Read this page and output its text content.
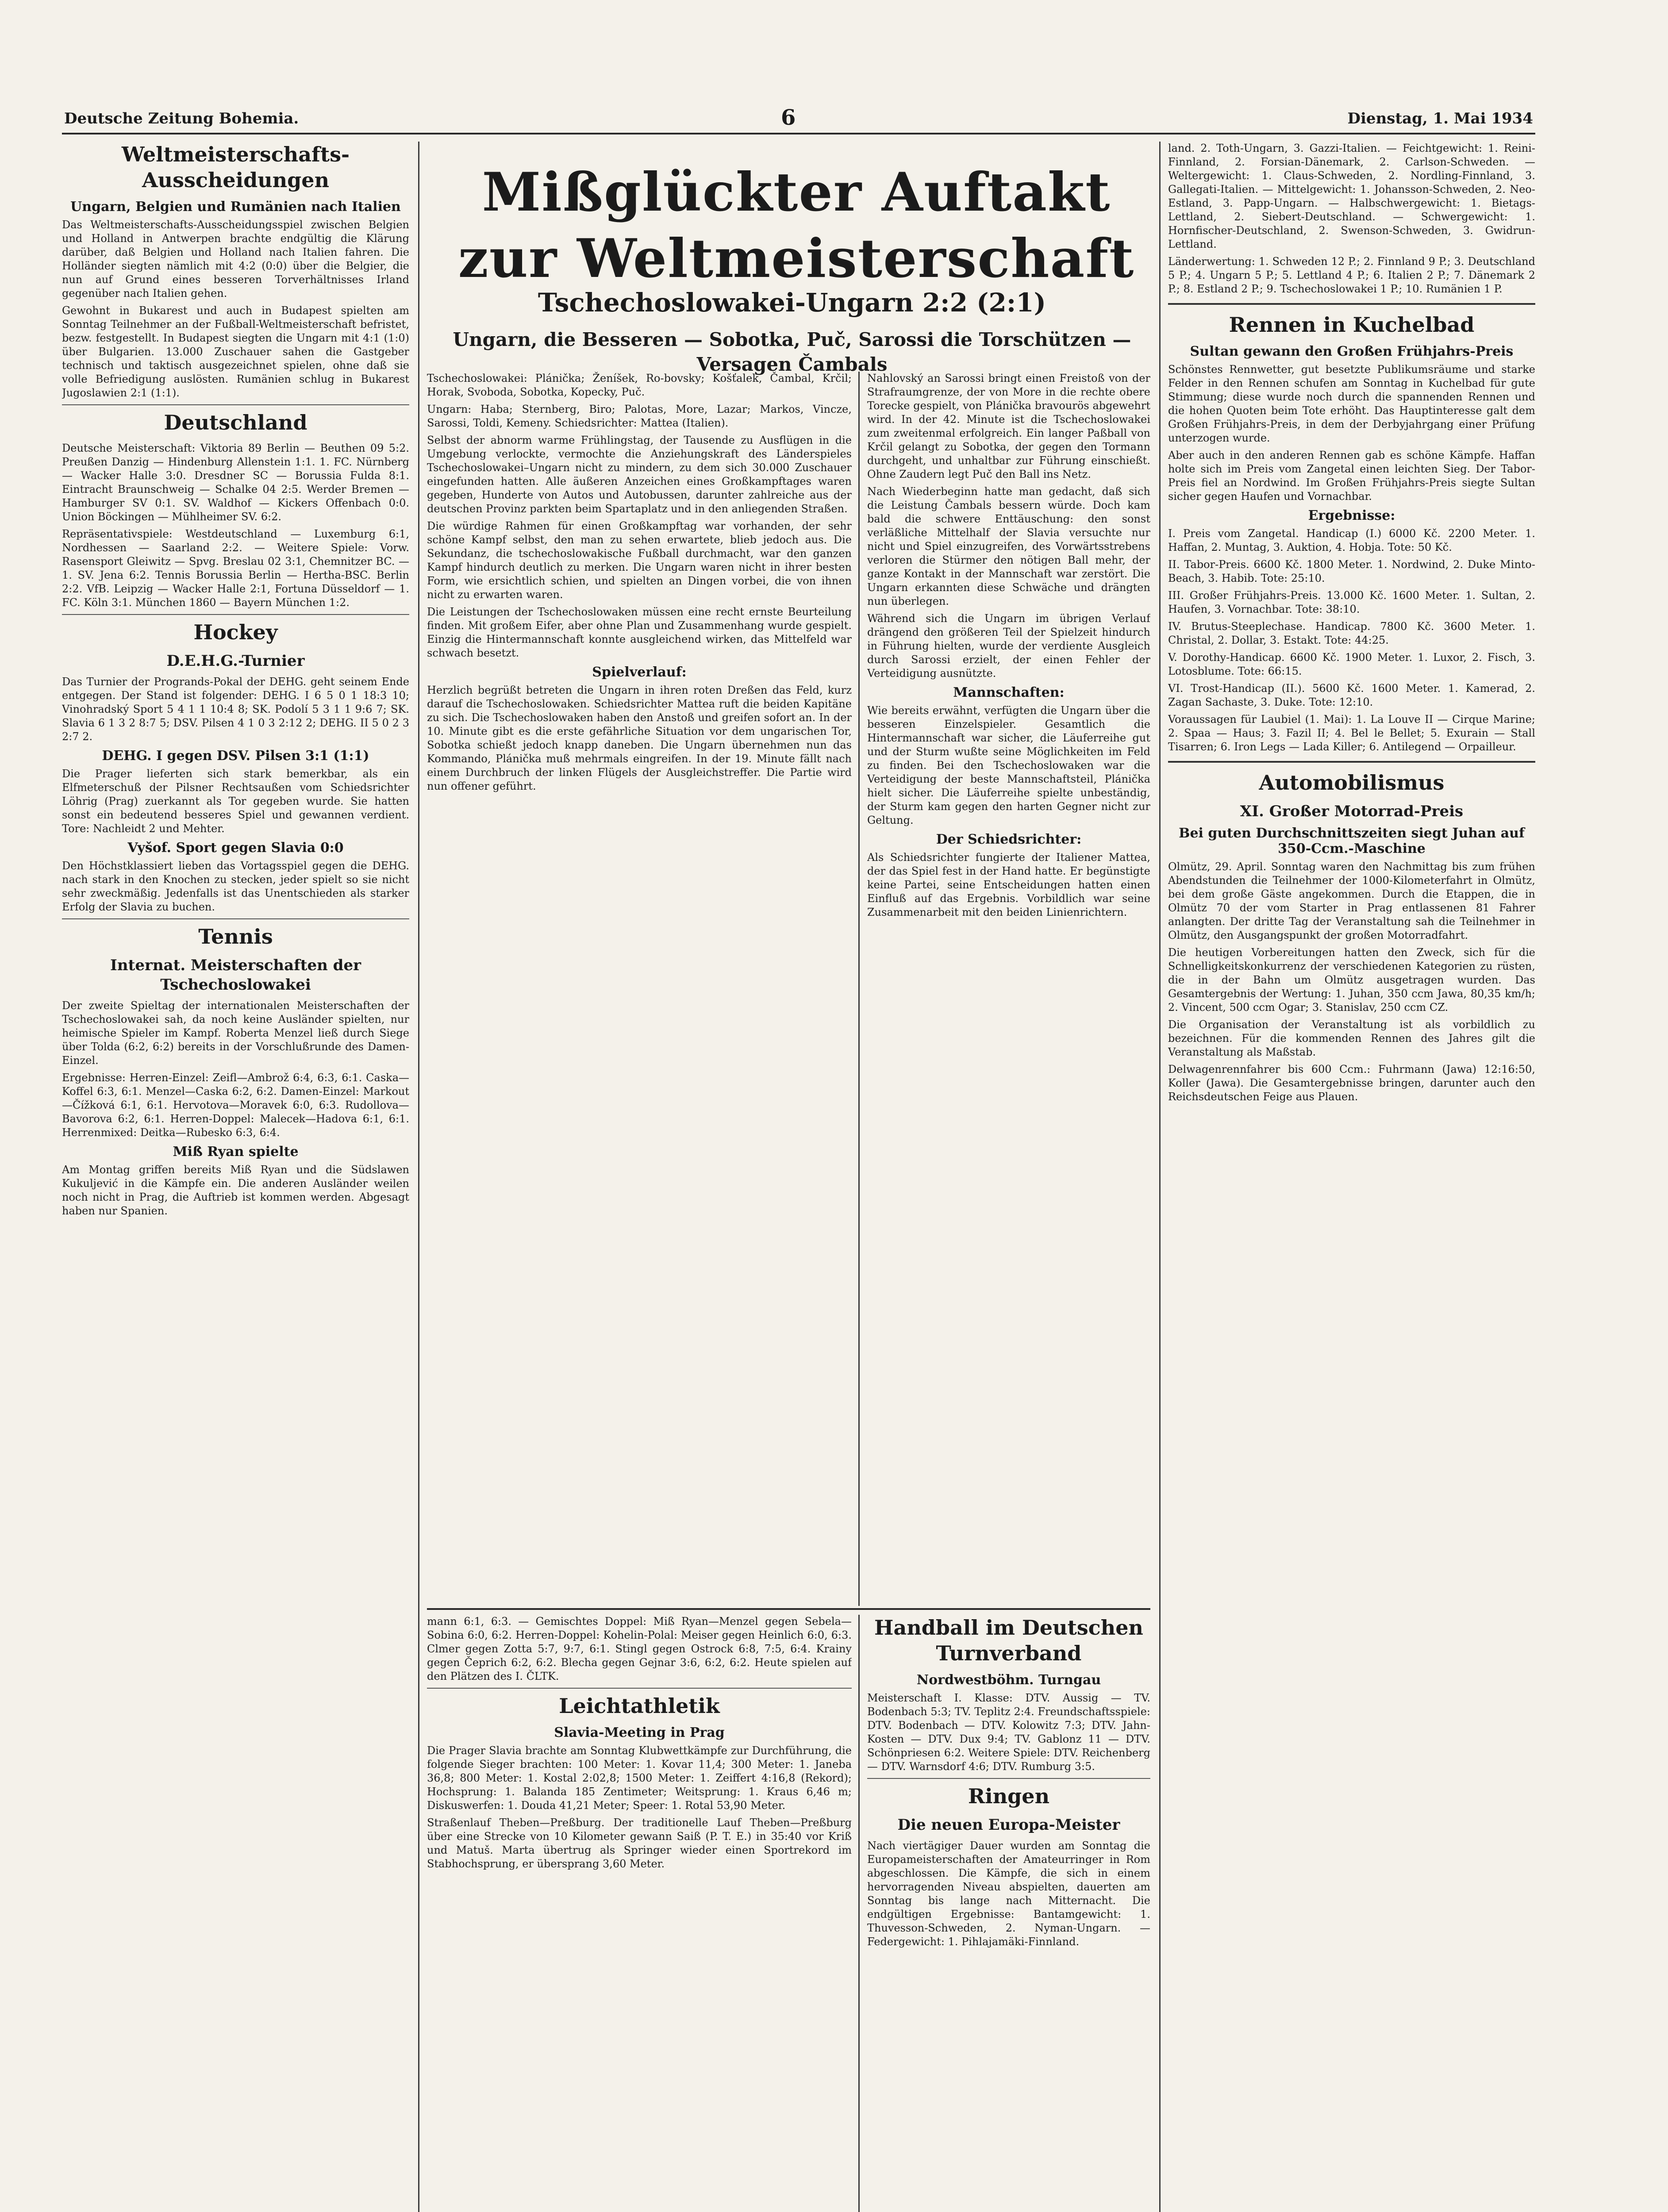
Deutsche Zeitung Bohemia.	6	Dienstag, 1. Mai 1934
Mißglückter Auftakt
zur Weltmeisterschaft
Tschechoslowakei-Ungarn 2:2 (2:1)
Ungarn, die Besseren — Sobotka, Puč, Sarossi die Torschützen — Versagen Čambals
Weltmeisterschafts-Ausscheidungen
Ungarn, Belgien und Rumänien nach Italien

Das Weltmeisterschafts-Ausscheidungsspiel zwischen Belgien und Holland in Antwerpen brachte endgültig die Klärung darüber, daß Belgien und Holland nach Italien fahren. Die Holländer siegten nämlich mit 4:2 (0:0) über die Belgier, die nun auf Grund eines besseren Torverhältnisses Irland gegenüber nach Italien gehen.

Gewohnt in Bukarest und auch in Budapest spielten am Sonntag Teilnehmer an der Fußball-Weltmeisterschaft befristet, bezw. festgestellt. In Budapest siegten die Ungarn mit 4:1 (1:0) über Bulgarien. 13.000 Zuschauer sahen die Gastgeber technisch und taktisch ausgezeichnet spielen, ohne daß sie volle Befriedigung auslösten. Rumänien schlug in Bukarest Jugoslawien 2:1 (1:1).

Deutschland

Deutsche Meisterschaft: Viktoria 89 Berlin — Beuthen 09 5:2. Preußen Danzig — Hindenburg Allenstein 1:1. 1. FC. Nürnberg — Wacker Halle 3:0. Dresdner SC — Borussia Fulda 8:1. Eintracht Braunschweig — Schalke 04 2:5. Werder Bremen — Hamburger SV 0:1. SV. Waldhof — Kickers Offenbach 0:0. Union Böckingen — Mühlheimer SV. 6:2.

Repräsentativspiele: Westdeutschland — Luxemburg 6:1, Nordhessen — Saarland 2:2. — Weitere Spiele: Vorw. Rasensport Gleiwitz — Spvg. Breslau 02 3:1, Chemnitzer BC. — 1. SV. Jena 6:2. Tennis Borussia Berlin — Hertha-BSC. Berlin 2:2. VfB. Leipzig — Wacker Halle 2:1, Fortuna Düsseldorf — 1. FC. Köln 3:1. München 1860 — Bayern München 1:2.

Hockey
D.E.H.G.-Turnier

Das Turnier der Progrands-Pokal der DEHG. geht seinem Ende entgegen. Der Stand ist folgender: DEHG. I 6 5 0 1 18:3 10; Vinohradský Sport 5 4 1 1 10:4 8; SK. Podolí 5 3 1 1 9:6 7; SK. Slavia 6 1 3 2 8:7 5; DSV. Pilsen 4 1 0 3 2:12 2; DEHG. II 5 0 2 3 2:7 2.

DEHG. I gegen DSV. Pilsen 3:1 (1:1)

Die Prager lieferten sich stark bemerkbar, als ein Elfmeterschuß der Pilsner Rechtsaußen vom Schiedsrichter Löhrig (Prag) zuerkannt als Tor gegeben wurde. Sie hatten sonst ein bedeutend besseres Spiel und gewannen verdient. Tore: Nachleidt 2 und Mehter.

Vyšof. Sport gegen Slavia 0:0

Den Höchstklassiert lieben das Vortagsspiel gegen die DEHG. nach stark in den Knochen zu stecken, jeder spielt so sie nicht sehr zweckmäßig. Jedenfalls ist das Unentschieden als starker Erfolg der Slavia zu buchen.

Tennis
Internat. Meisterschaften der Tschechoslowakei

Der zweite Spieltag der internationalen Meisterschaften der Tschechoslowakei sah, da noch keine Ausländer spielten, nur heimische Spieler im Kampf. Roberta Menzel ließ durch Siege über Tolda (6:2, 6:2) bereits in der Vorschlußrunde des Damen-Einzel.

Ergebnisse: Herren-Einzel: Zeifl—Ambrož 6:4, 6:3, 6:1. Caska—Koffel 6:3, 6:1. Menzel—Caska 6:2, 6:2. Damen-Einzel: Markout—Čížková 6:1, 6:1. Hervotova—Moravek 6:0, 6:3. Rudollova—Bavorova 6:2, 6:1. Herren-Doppel: Malecek—Hadova 6:1, 6:1. Herrenmixed: Deitka—Rubesko 6:3, 6:4.

Miß Ryan spielte

Am Montag griffen bereits Miß Ryan und die Südslawen Kukuljević in die Kämpfe ein. Die anderen Ausländer weilen noch nicht in Prag, die Auftrieb ist kommen werden. Abgesagt haben nur Spanien.

Tschechoslowakei: Plánička; Ženíšek, Ro-bovsky; Košťalek, Čambal, Krčil; Horak, Svoboda, Sobotka, Kopecky, Puč.

Ungarn: Haba; Sternberg, Biro; Palotas, More, Lazar; Markos, Vincze, Sarossi, Toldi, Kemeny. Schiedsrichter: Mattea (Italien).

Selbst der abnorm warme Frühlingstag, der Tausende zu Ausflügen in die Umgebung verlockte, vermochte die Anziehungskraft des Länderspieles Tschechoslowakei–Ungarn nicht zu mindern, zu dem sich 30.000 Zuschauer eingefunden hatten. Alle äußeren Anzeichen eines Großkampftages waren gegeben, Hunderte von Autos und Autobussen, darunter zahlreiche aus der deutschen Provinz parkten beim Spartaplatz und in den anliegenden Straßen.

Die würdige Rahmen für einen Großkampftag war vorhanden, der sehr schöne Kampf selbst, den man zu sehen erwartete, blieb jedoch aus. Die Sekundanz, die tschechoslowakische Fußball durchmacht, war den ganzen Kampf hindurch deutlich zu merken. Die Ungarn waren nicht in ihrer besten Form, wie ersichtlich schien, und spielten an Dingen vorbei, die von ihnen nicht zu erwarten waren.

Die Leistungen der Tschechoslowaken müssen eine recht ernste Beurteilung finden. Mit großem Eifer, aber ohne Plan und Zusammenhang wurde gespielt. Einzig die Hintermannschaft konnte ausgleichend wirken, das Mittelfeld war schwach besetzt.

Spielverlauf:

Herzlich begrüßt betreten die Ungarn in ihren roten Dreßen das Feld, kurz darauf die Tschechoslowaken. Schiedsrichter Mattea ruft die beiden Kapitäne zu sich. Die Tschechoslowaken haben den Anstoß und greifen sofort an. In der 10. Minute gibt es die erste gefährliche Situation vor dem ungarischen Tor, Sobotka schießt jedoch knapp daneben. Die Ungarn übernehmen nun das Kommando, Plánička muß mehrmals eingreifen. In der 19. Minute fällt nach einem Durchbruch der linken Flügels der Ausgleichstreffer. Die Partie wird nun offener geführt.

Nahlovský an Sarossi bringt einen Freistoß von der Strafraumgrenze, der von More in die rechte obere Torecke gespielt, von Plánička bravourös abgewehrt wird. In der 42. Minute ist die Tschechoslowakei zum zweitenmal erfolgreich. Ein langer Paßball von Krčil gelangt zu Sobotka, der gegen den Tormann durchgeht, und unhaltbar zur Führung einschießt. Ohne Zaudern legt Puč den Ball ins Netz.

Nach Wiederbeginn hatte man gedacht, daß sich die Leistung Čambals bessern würde. Doch kam bald die schwere Enttäuschung: den sonst verläßliche Mittelhalf der Slavia versuchte nur nicht und Spiel einzugreifen, des Vorwärtsstrebens verloren die Stürmer den nötigen Ball mehr, der ganze Kontakt in der Mannschaft war zerstört. Die Ungarn erkannten diese Schwäche und drängten nun überlegen.

Während sich die Ungarn im übrigen Verlauf drängend den größeren Teil der Spielzeit hindurch in Führung hielten, wurde der verdiente Ausgleich durch Sarossi erzielt, der einen Fehler der Verteidigung ausnützte.

Mannschaften:

Wie bereits erwähnt, verfügten die Ungarn über die besseren Einzelspieler. Gesamtlich die Hintermannschaft war sicher, die Läuferreihe gut und der Sturm wußte seine Möglichkeiten im Feld zu finden. Bei den Tschechoslowaken war die Verteidigung der beste Mannschaftsteil, Plánička hielt sicher. Die Läuferreihe spielte unbeständig, der Sturm kam gegen den harten Gegner nicht zur Geltung.

Der Schiedsrichter:

Als Schiedsrichter fungierte der Italiener Mattea, der das Spiel fest in der Hand hatte. Er begünstigte keine Partei, seine Entscheidungen hatten einen Einfluß auf das Ergebnis. Vorbildlich war seine Zusammenarbeit mit den beiden Linienrichtern.

mann 6:1, 6:3. — Gemischtes Doppel: Miß Ryan—Menzel gegen Sebela—Sobina 6:0, 6:2. Herren-Doppel: Kohelin-Polal: Meiser gegen Heinlich 6:0, 6:3. Clmer gegen Zotta 5:7, 9:7, 6:1. Stingl gegen Ostrock 6:8, 7:5, 6:4. Krainy gegen Čeprich 6:2, 6:2. Blecha gegen Gejnar 3:6, 6:2, 6:2. Heute spielen auf den Plätzen des I. ČLTK.

Leichtathletik
Slavia-Meeting in Prag

Die Prager Slavia brachte am Sonntag Klubwettkämpfe zur Durchführung, die folgende Sieger brachten: 100 Meter: 1. Kovar 11,4; 300 Meter: 1. Janeba 36,8; 800 Meter: 1. Kostal 2:02,8; 1500 Meter: 1. Zeiffert 4:16,8 (Rekord); Hochsprung: 1. Balanda 185 Zentimeter; Weitsprung: 1. Kraus 6,46 m; Diskuswerfen: 1. Douda 41,21 Meter; Speer: 1. Rotal 53,90 Meter.

Straßenlauf Theben—Preßburg. Der traditionelle Lauf Theben—Preßburg über eine Strecke von 10 Kilometer gewann Saiß (P. T. E.) in 35:40 vor Kriß und Matuš. Marta übertrug als Springer wieder einen Sportrekord im Stabhochsprung, er übersprang 3,60 Meter.

Handball im Deutschen Turnverband
Nordwestböhm. Turngau

Meisterschaft I. Klasse: DTV. Aussig — TV. Bodenbach 5:3; TV. Teplitz 2:4. Freundschaftsspiele: DTV. Bodenbach — DTV. Kolowitz 7:3; DTV. Jahn-Kosten — DTV. Dux 9:4; TV. Gablonz 11 — DTV. Schönpriesen 6:2. Weitere Spiele: DTV. Reichenberg — DTV. Warnsdorf 4:6; DTV. Rumburg 3:5.

Ringen
Die neuen Europa-Meister

Nach viertägiger Dauer wurden am Sonntag die Europameisterschaften der Amateurringer in Rom abgeschlossen. Die Kämpfe, die sich in einem hervorragenden Niveau abspielten, dauerten am Sonntag bis lange nach Mitternacht. Die endgültigen Ergebnisse: Bantamgewicht: 1. Thuvesson-Schweden, 2. Nyman-Ungarn. — Federgewicht: 1. Pihlajamäki-Finnland.

land. 2. Toth-Ungarn, 3. Gazzi-Italien. — Feichtgewicht: 1. Reini-Finnland, 2. Forsian-Dänemark, 2. Carlson-Schweden. — Weltergewicht: 1. Claus-Schweden, 2. Nordling-Finnland, 3. Gallegati-Italien. — Mittelgewicht: 1. Johansson-Schweden, 2. Neo-Estland, 3. Papp-Ungarn. — Halbschwergewicht: 1. Bietags-Lettland, 2. Siebert-Deutschland. — Schwergewicht: 1. Hornfischer-Deutschland, 2. Swenson-Schweden, 3. Gwidrun-Lettland.

Länderwertung: 1. Schweden 12 P.; 2. Finnland 9 P.; 3. Deutschland 5 P.; 4. Ungarn 5 P.; 5. Lettland 4 P.; 6. Italien 2 P.; 7. Dänemark 2 P.; 8. Estland 2 P.; 9. Tschechoslowakei 1 P.; 10. Rumänien 1 P.

Rennen in Kuchelbad
Sultan gewann den Großen Frühjahrs-Preis

Schönstes Rennwetter, gut besetzte Publikumsräume und starke Felder in den Rennen schufen am Sonntag in Kuchelbad für gute Stimmung; diese wurde noch durch die spannenden Rennen und die hohen Quoten beim Tote erhöht. Das Hauptinteresse galt dem Großen Frühjahrs-Preis, in dem der Derbyjahrgang einer Prüfung unterzogen wurde.

Aber auch in den anderen Rennen gab es schöne Kämpfe. Haffan holte sich im Preis vom Zangetal einen leichten Sieg. Der Tabor-Preis fiel an Nordwind. Im Großen Frühjahrs-Preis siegte Sultan sicher gegen Haufen und Vornachbar.

Ergebnisse:

I. Preis vom Zangetal. Handicap (I.) 6000 Kč. 2200 Meter. 1. Haffan, 2. Muntag, 3. Auktion, 4. Hobja. Tote: 50 Kč.

II. Tabor-Preis. 6600 Kč. 1800 Meter. 1. Nordwind, 2. Duke Minto-Beach, 3. Habib. Tote: 25:10.

III. Großer Frühjahrs-Preis. 13.000 Kč. 1600 Meter. 1. Sultan, 2. Haufen, 3. Vornachbar. Tote: 38:10.

IV. Brutus-Steeplechase. Handicap. 7800 Kč. 3600 Meter. 1. Christal, 2. Dollar, 3. Estakt. Tote: 44:25.

V. Dorothy-Handicap. 6600 Kč. 1900 Meter. 1. Luxor, 2. Fisch, 3. Lotosblume. Tote: 66:15.

VI. Trost-Handicap (II.). 5600 Kč. 1600 Meter. 1. Kamerad, 2. Zagan Sachaste, 3. Duke. Tote: 12:10.

Voraussagen für Laubiel (1. Mai): 1. La Louve II — Cirque Marine; 2. Spaa — Haus; 3. Fazil II; 4. Bel le Bellet; 5. Exurain — Stall Tisarren; 6. Iron Legs — Lada Killer; 6. Antilegend — Orpailleur.

Automobilismus
XI. Großer Motorrad-Preis
Bei guten Durchschnittszeiten siegt Juhan auf 350-Ccm.-Maschine

Olmütz, 29. April. Sonntag waren den Nachmittag bis zum frühen Abendstunden die Teilnehmer der 1000-Kilometerfahrt in Olmütz, bei dem große Gäste angekommen. Durch die Etappen, die in Olmütz 70 der vom Starter in Prag entlassenen 81 Fahrer anlangten. Der dritte Tag der Veranstaltung sah die Teilnehmer in Olmütz, den Ausgangspunkt der großen Motorradfahrt.

Die heutigen Vorbereitungen hatten den Zweck, sich für die Schnelligkeitskonkurrenz der verschiedenen Kategorien zu rüsten, die in der Bahn um Olmütz ausgetragen wurden. Das Gesamtergebnis der Wertung: 1. Juhan, 350 ccm Jawa, 80,35 km/h; 2. Vincent, 500 ccm Ogar; 3. Stanislav, 250 ccm CZ.

Die Organisation der Veranstaltung ist als vorbildlich zu bezeichnen. Für die kommenden Rennen des Jahres gilt die Veranstaltung als Maßstab.

Delwagenrennfahrer bis 600 Ccm.: Fuhrmann (Jawa) 12:16:50, Koller (Jawa). Die Gesamtergebnisse bringen, darunter auch den Reichsdeutschen Feige aus Plauen.
